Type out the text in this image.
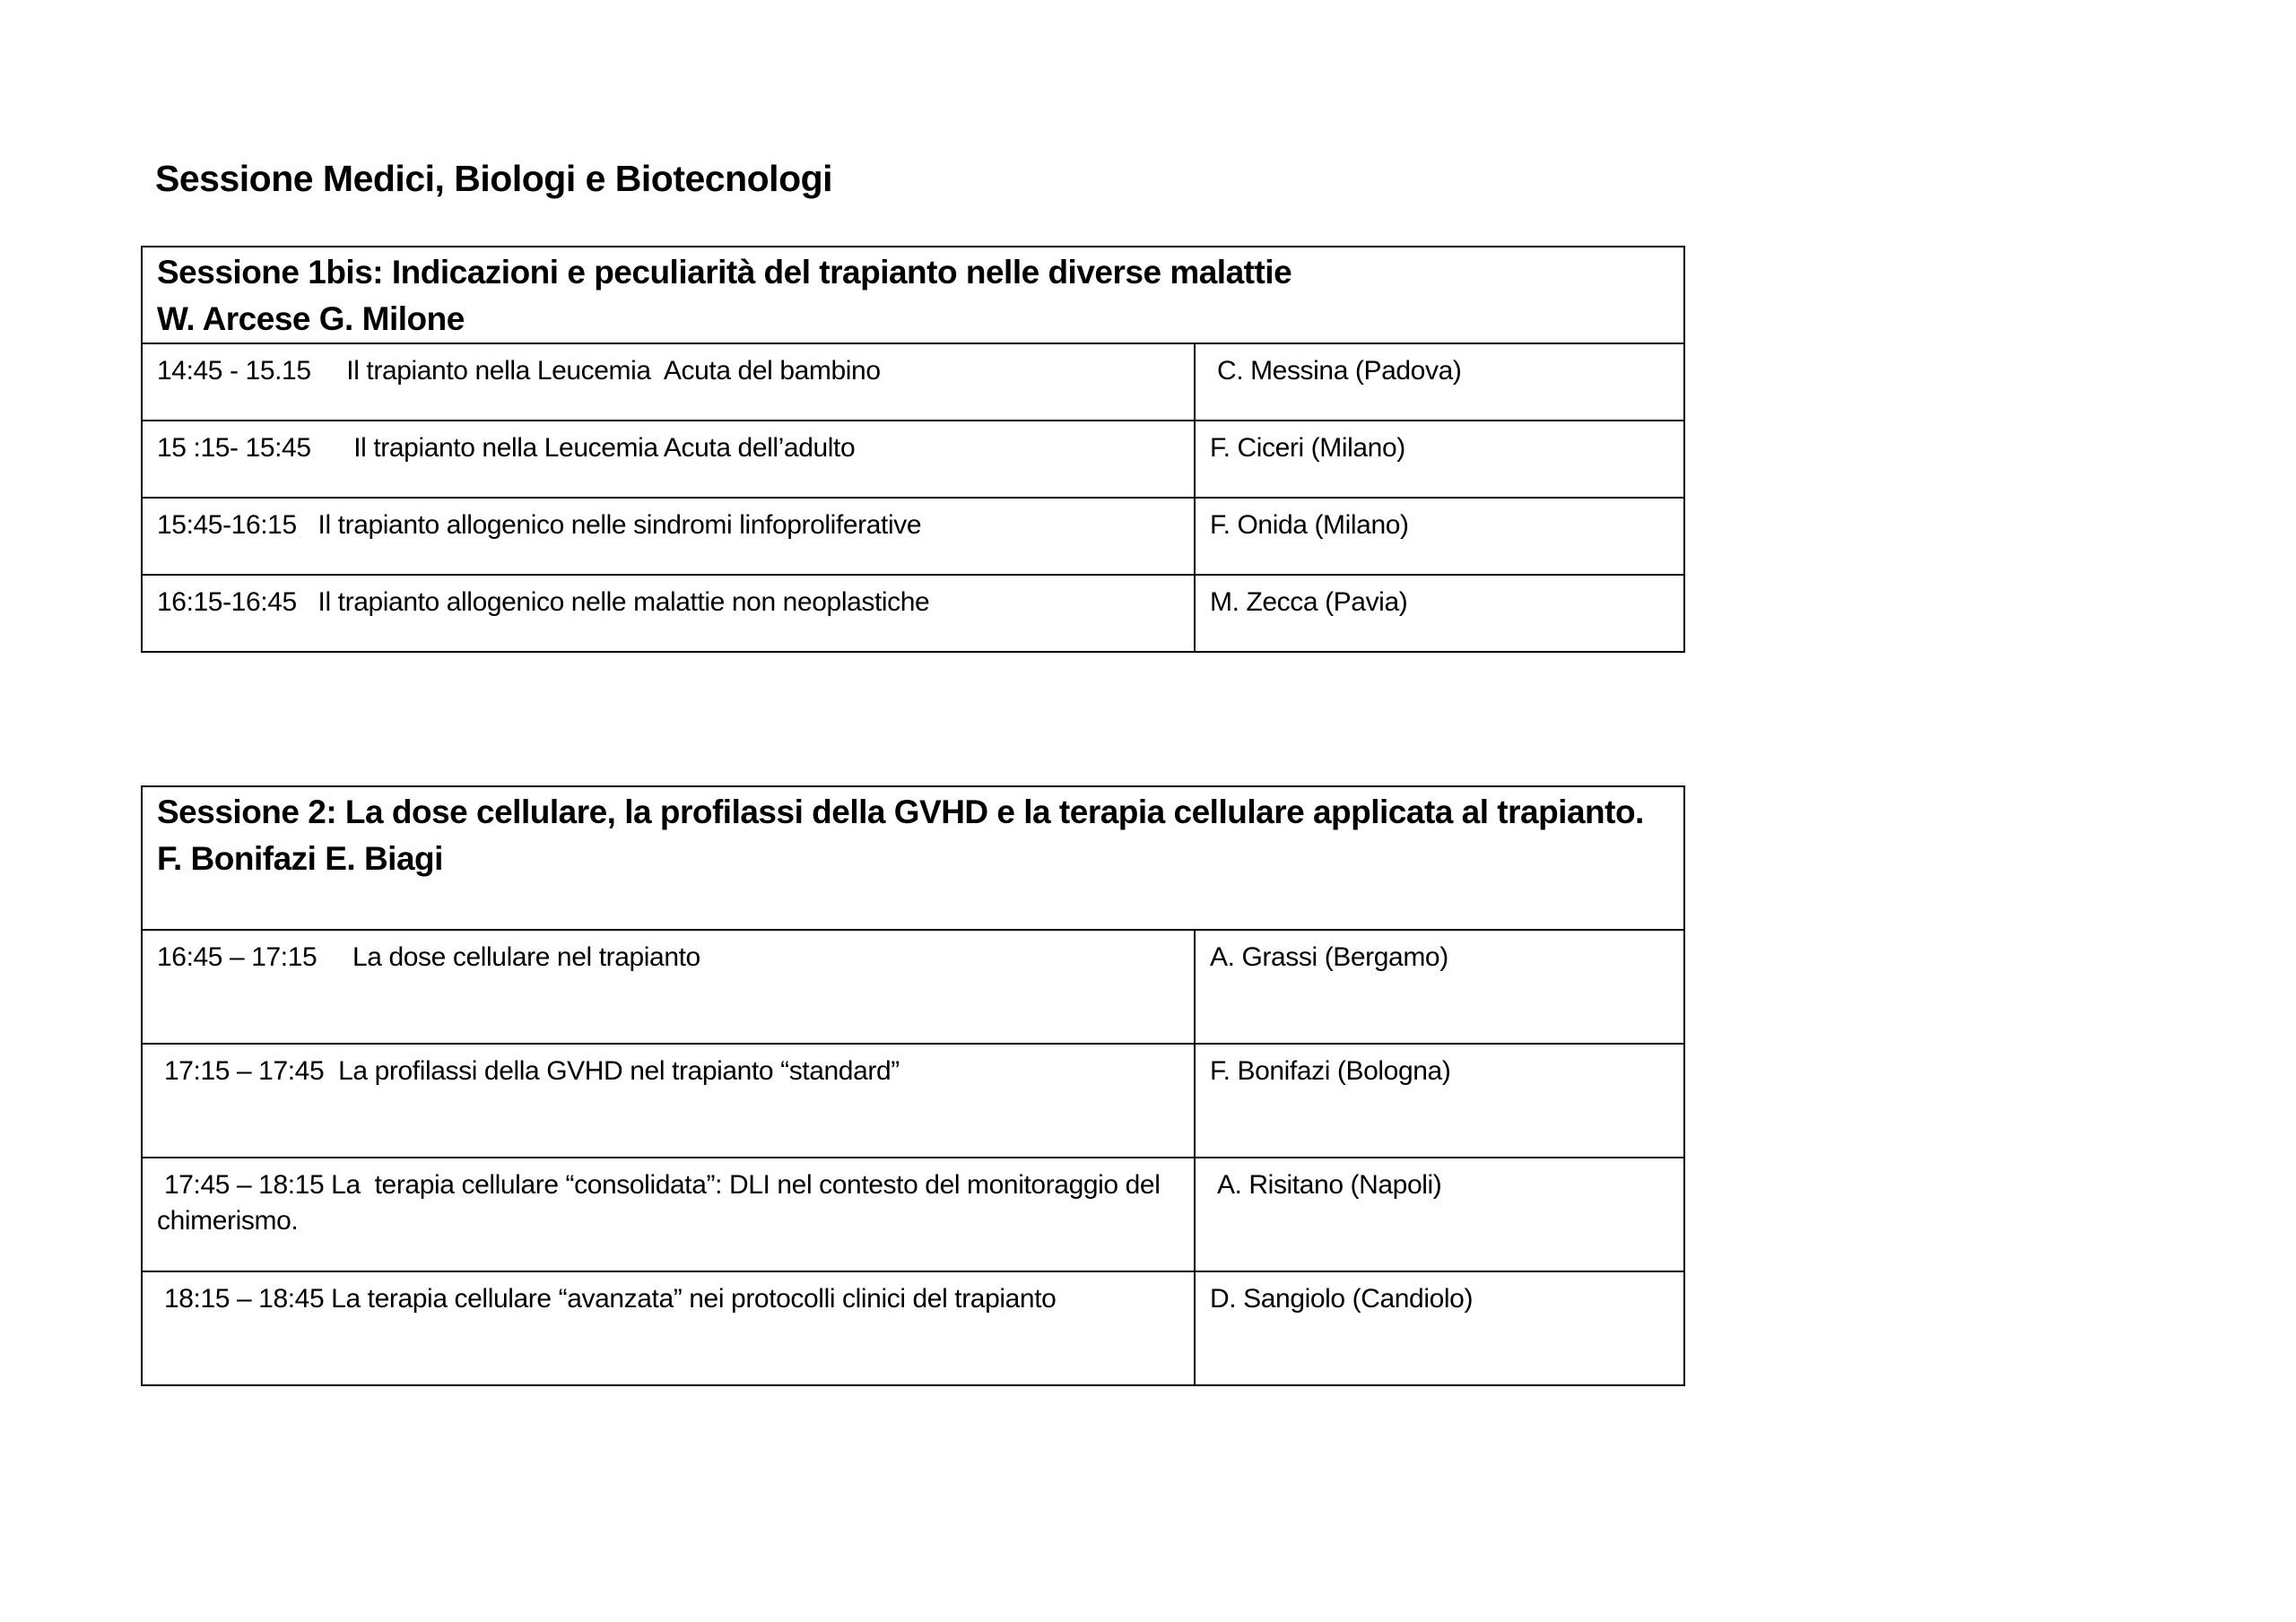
Sessione Medici, Biologi e Biotecnologi
Sessione 1bis: Indicazioni e peculiarità del trapianto nelle diverse malattie
W. Arcese G. Milone	

14:45 - 15.15     Il trapianto nella Leucemia  Acuta del bambino	C. Messina (Padova)
15 :15- 15:45      Il trapianto nella Leucemia Acuta dell’adulto	F. Ciceri (Milano)
15:45-16:15   Il trapianto allogenico nelle sindromi linfoproliferative	F. Onida (Milano)
16:15-16:45   Il trapianto allogenico nelle malattie non neoplastiche	M. Zecca (Pavia)
Sessione 2: La dose cellulare, la profilassi della GVHD e la terapia cellulare applicata al trapianto.
F. Bonifazi E. Biagi	

16:45 – 17:15     La dose cellulare nel trapianto	A. Grassi (Bergamo)
17:15 – 17:45  La profilassi della GVHD nel trapianto “standard”	F. Bonifazi (Bologna)
17:45 – 18:15 La  terapia cellulare “consolidata”: DLI nel contesto del monitoraggio del chimerismo.	A. Risitano (Napoli)
18:15 – 18:45 La terapia cellulare “avanzata” nei protocolli clinici del trapianto	D. Sangiolo (Candiolo)
